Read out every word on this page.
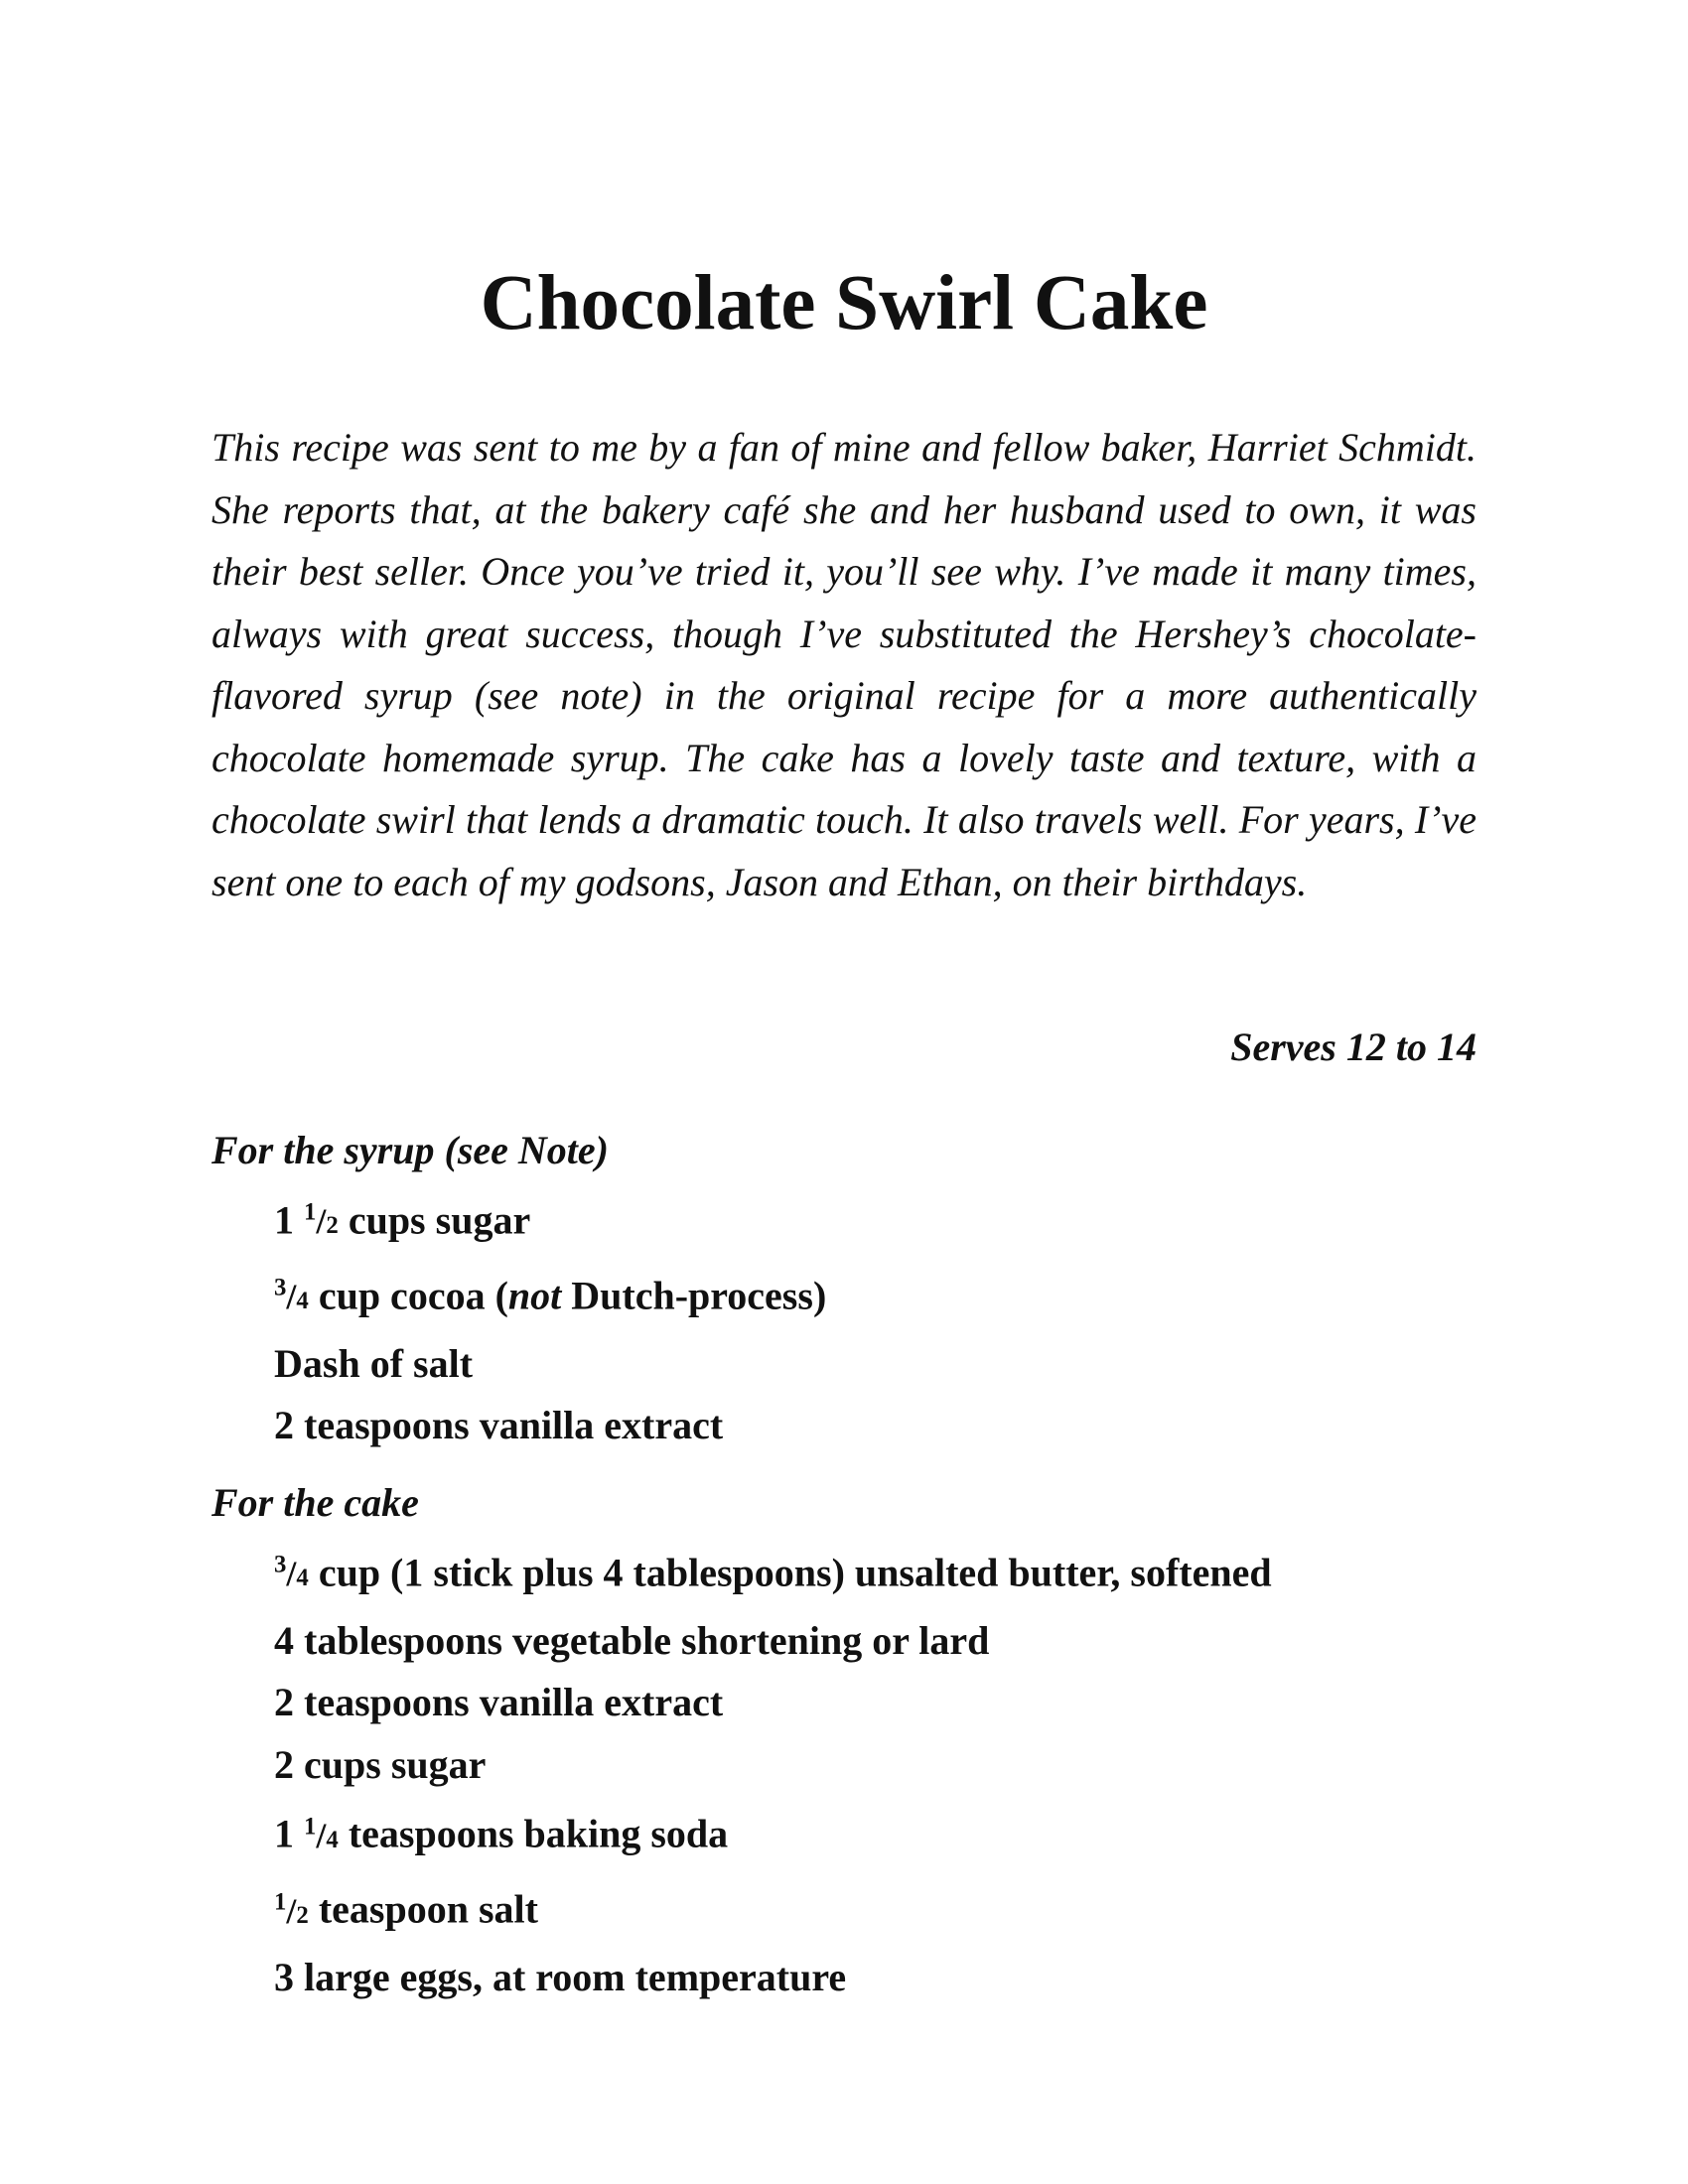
Chocolate Swirl Cake

This recipe was sent to me by a fan of mine and fellow baker, Harriet Schmidt. She reports that, at the bakery café she and her husband used to own, it was their best seller. Once you’ve tried it, you’ll see why. I’ve made it many times, always with great success, though I’ve substituted the Hershey’s chocolate-flavored syrup (see note) in the original recipe for a more authentically chocolate homemade syrup. The cake has a lovely taste and texture, with a chocolate swirl that lends a dramatic touch. It also travels well. For years, I’ve sent one to each of my godsons, Jason and Ethan, on their birthdays.

Serves 12 to 14

For the syrup (see Note)

1 1/2 cups sugar
3/4 cup cocoa (not Dutch-process)
Dash of salt
2 teaspoons vanilla extract

For the cake

3/4 cup (1 stick plus 4 tablespoons) unsalted butter, softened
4 tablespoons vegetable shortening or lard
2 teaspoons vanilla extract
2 cups sugar
1 1/4 teaspoons baking soda
1/2 teaspoon salt
3 large eggs, at room temperature
